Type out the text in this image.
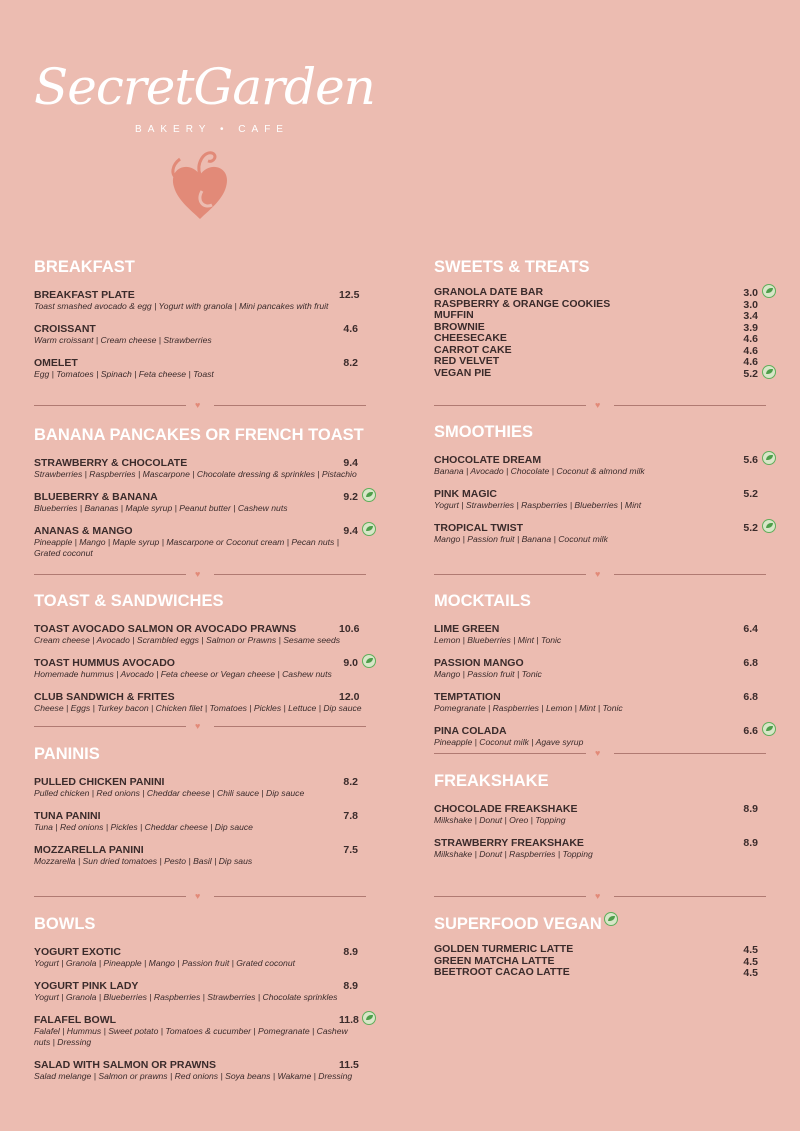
SecretGarden
BAKERY • CAFE
BREAKFAST
BREAKFAST PLATE	12.5
Toast smashed avocado & egg | Yogurt with granola | Mini pancakes with fruit
CROISSANT	4.6
Warm croissant | Cream cheese | Strawberries
OMELET	8.2
Egg | Tomatoes | Spinach | Feta cheese | Toast
BANANA PANCAKES OR FRENCH TOAST
STRAWBERRY & CHOCOLATE	9.4
Strawberries | Raspberries | Mascarpone | Chocolate dressing & sprinkles | Pistachio
BLUEBERRY & BANANA	9.2
Blueberries | Bananas | Maple syrup | Peanut butter | Cashew nuts
ANANAS & MANGO	9.4
Pineapple | Mango | Maple syrup | Mascarpone or Coconut cream | Pecan nuts | Grated coconut
TOAST & SANDWICHES
TOAST AVOCADO SALMON OR AVOCADO PRAWNS	10.6
Cream cheese | Avocado | Scrambled eggs | Salmon or Prawns | Sesame seeds
TOAST HUMMUS AVOCADO	9.0
Homemade hummus | Avocado | Feta cheese or Vegan cheese | Cashew nuts
CLUB SANDWICH & FRITES	12.0
Cheese | Eggs | Turkey bacon | Chicken filet | Tomatoes | Pickles | Lettuce | Dip sauce
PANINIS
PULLED CHICKEN PANINI	8.2
Pulled chicken | Red onions | Cheddar cheese | Chili sauce | Dip sauce
TUNA PANINI	7.8
Tuna | Red onions | Pickles | Cheddar cheese | Dip sauce
MOZZARELLA PANINI	7.5
Mozzarella | Sun dried tomatoes | Pesto | Basil | Dip saus
BOWLS
YOGURT EXOTIC	8.9
Yogurt | Granola | Pineapple | Mango | Passion fruit | Grated coconut
YOGURT PINK LADY	8.9
Yogurt | Granola | Blueberries | Raspberries | Strawberries | Chocolate sprinkles
FALAFEL BOWL	11.8
Falafel | Hummus | Sweet potato | Tomatoes & cucumber | Pomegranate | Cashew nuts | Dressing
SALAD WITH SALMON OR PRAWNS	11.5
Salad melange | Salmon or prawns | Red onions | Soya beans | Wakame | Dressing
SWEETS & TREATS
GRANOLA DATE BAR	3.0
RASPBERRY & ORANGE COOKIES	3.0
MUFFIN	3.4
BROWNIE	3.9
CHEESECAKE	4.6
CARROT CAKE	4.6
RED VELVET	4.6
VEGAN PIE	5.2
SMOOTHIES
CHOCOLATE DREAM	5.6
Banana | Avocado | Chocolate | Coconut & almond milk
PINK MAGIC	5.2
Yogurt | Strawberries | Raspberries | Blueberries | Mint
TROPICAL TWIST	5.2
Mango | Passion fruit | Banana | Coconut milk
MOCKTAILS
LIME GREEN	6.4
Lemon | Blueberries | Mint | Tonic
PASSION MANGO	6.8
Mango | Passion fruit | Tonic
TEMPTATION	6.8
Pomegranate | Raspberries | Lemon | Mint | Tonic
PINA COLADA	6.6
Pineapple | Coconut milk | Agave syrup
FREAKSHAKE
CHOCOLADE FREAKSHAKE	8.9
Milkshake | Donut | Oreo | Topping
STRAWBERRY FREAKSHAKE	8.9
Milkshake | Donut | Raspberries | Topping
SUPERFOOD VEGAN
GOLDEN TURMERIC LATTE	4.5
GREEN MATCHA LATTE	4.5
BEETROOT CACAO LATTE	4.5
♥
♥
♥
♥
♥
♥
♥
♥
